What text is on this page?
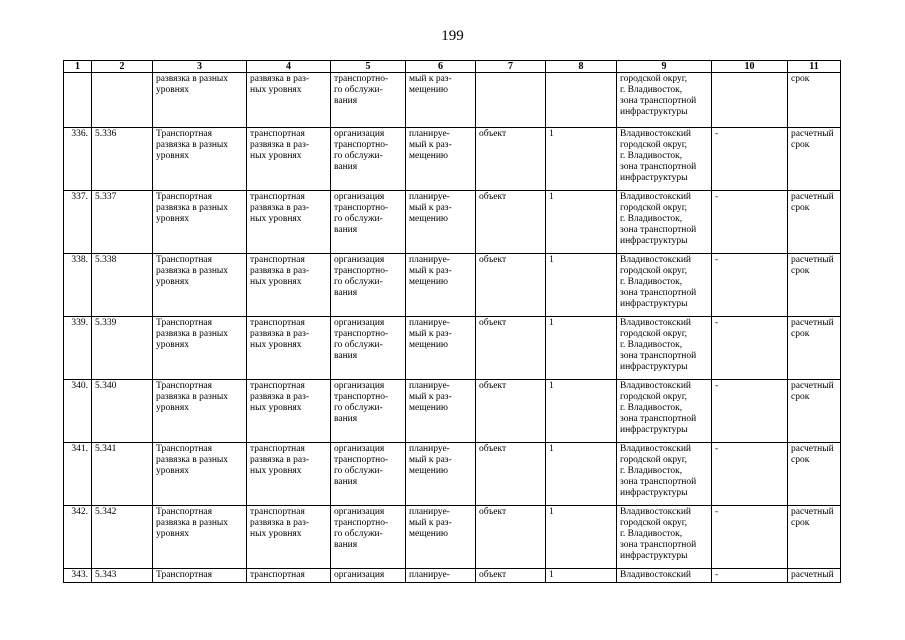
199
1	2	3	4	5	6	7	8	9	10	11

		развязка в разных
уровнях	развязка в раз-
ных уровнях	транспортно-
го обслужи-
вания	мый к раз-
мещению			городской округ,
г. Владивосток,
зона транспортной
инфраструктуры		срок

336.	5.336	Транспортная
развязка в разных
уровнях	транспортная
развязка в раз-
ных уровнях	организация
транспортно-
го обслужи-
вания	планируе-
мый к раз-
мещению	объект	1	Владивостокский
городской округ,
г. Владивосток,
зона транспортной
инфраструктуры	-	расчетный
срок

337.	5.337	Транспортная
развязка в разных
уровнях	транспортная
развязка в раз-
ных уровнях	организация
транспортно-
го обслужи-
вания	планируе-
мый к раз-
мещению	объект	1	Владивостокский
городской округ,
г. Владивосток,
зона транспортной
инфраструктуры	-	расчетный
срок

338.	5.338	Транспортная
развязка в разных
уровнях	транспортная
развязка в раз-
ных уровнях	организация
транспортно-
го обслужи-
вания	планируе-
мый к раз-
мещению	объект	1	Владивостокский
городской округ,
г. Владивосток,
зона транспортной
инфраструктуры	-	расчетный
срок

339.	5.339	Транспортная
развязка в разных
уровнях	транспортная
развязка в раз-
ных уровнях	организация
транспортно-
го обслужи-
вания	планируе-
мый к раз-
мещению	объект	1	Владивостокский
городской округ,
г. Владивосток,
зона транспортной
инфраструктуры	-	расчетный
срок

340.	5.340	Транспортная
развязка в разных
уровнях	транспортная
развязка в раз-
ных уровнях	организация
транспортно-
го обслужи-
вания	планируе-
мый к раз-
мещению	объект	1	Владивостокский
городской округ,
г. Владивосток,
зона транспортной
инфраструктуры	-	расчетный
срок

341.	5.341	Транспортная
развязка в разных
уровнях	транспортная
развязка в раз-
ных уровнях	организация
транспортно-
го обслужи-
вания	планируе-
мый к раз-
мещению	объект	1	Владивостокский
городской округ,
г. Владивосток,
зона транспортной
инфраструктуры	-	расчетный
срок

342.	5.342	Транспортная
развязка в разных
уровнях	транспортная
развязка в раз-
ных уровнях	организация
транспортно-
го обслужи-
вания	планируе-
мый к раз-
мещению	объект	1	Владивостокский
городской округ,
г. Владивосток,
зона транспортной
инфраструктуры	-	расчетный
срок

343.	5.343	Транспортная	транспортная	организация	планируе-	объект	1	Владивостокский	-	расчетный
